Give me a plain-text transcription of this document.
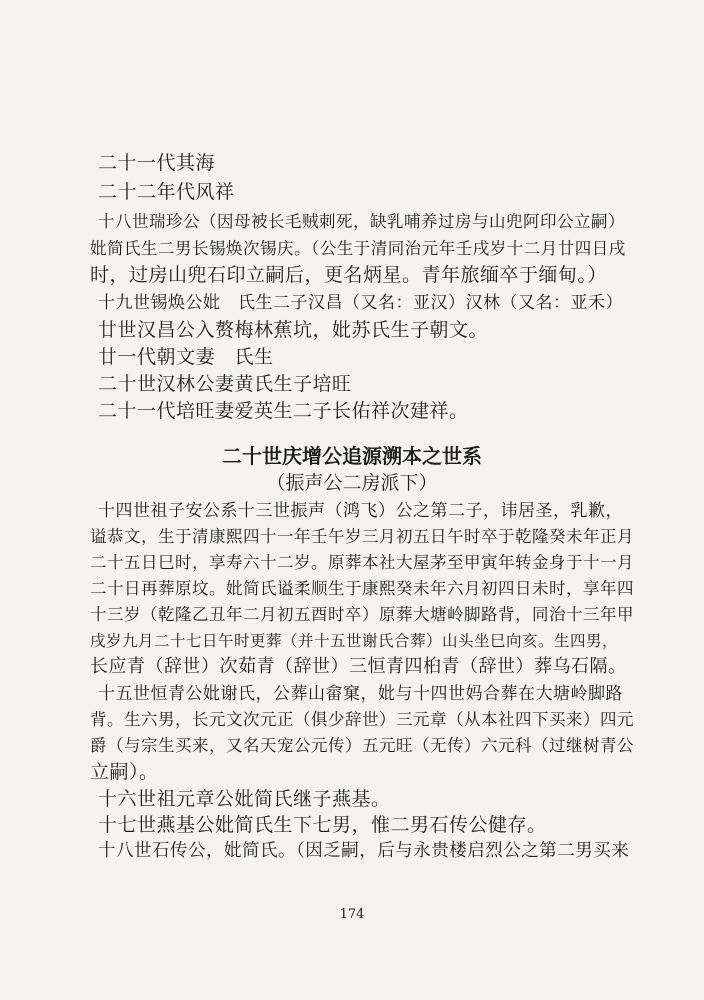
二十一代其海
二十二年代风祥
十八世瑞珍公（因母被长毛贼刺死，缺乳哺养过房与山兜阿印公立嗣）
妣简氏生二男长锡焕次锡庆。（公生于清同治元年壬戌岁十二月廿四日戌
时，过房山兜石印立嗣后，更名炳星。青年旅缅卒于缅甸。）
十九世锡焕公妣　氏生二子汉昌（又名：亚汉）汉林（又名：亚禾）
廿世汉昌公入赘梅林蕉坑，妣苏氏生子朝文。
廿一代朝文妻　氏生
二十世汉林公妻黄氏生子培旺
二十一代培旺妻爱英生二子长佑祥次建祥。
二十世庆增公追源溯本之世系
（振声公二房派下）
十四世祖子安公系十三世振声（鸿飞）公之第二子，讳居圣，乳歉，
谥恭文，生于清康熙四十一年壬午岁三月初五日午时卒于乾隆癸未年正月
二十五日巳时，享寿六十二岁。原葬本社大屋茅至甲寅年转金身于十一月
二十日再葬原坟。妣简氏谥柔顺生于康熙癸未年六月初四日未时，享年四
十三岁（乾隆乙丑年二月初五酉时卒）原葬大塘岭脚路背，同治十三年甲
戌岁九月二十七日午时更葬（并十五世谢氏合葬）山头坐巳向亥。生四男，
长应青（辞世）次茹青（辞世）三恒青四桕青（辞世）葬乌石隔。
十五世恒青公妣谢氏，公葬山畲窠，妣与十四世妈合葬在大塘岭脚路
背。生六男，长元文次元正（俱少辞世）三元章（从本社四下买来）四元
爵（与宗生买来，又名天宠公元传）五元旺（无传）六元科（过继树青公
立嗣）。
十六世祖元章公妣简氏继子燕基。
十七世燕基公妣简氏生下七男，惟二男石传公健存。
十八世石传公，妣简氏。（因乏嗣，后与永贵楼启烈公之第二男买来
174
